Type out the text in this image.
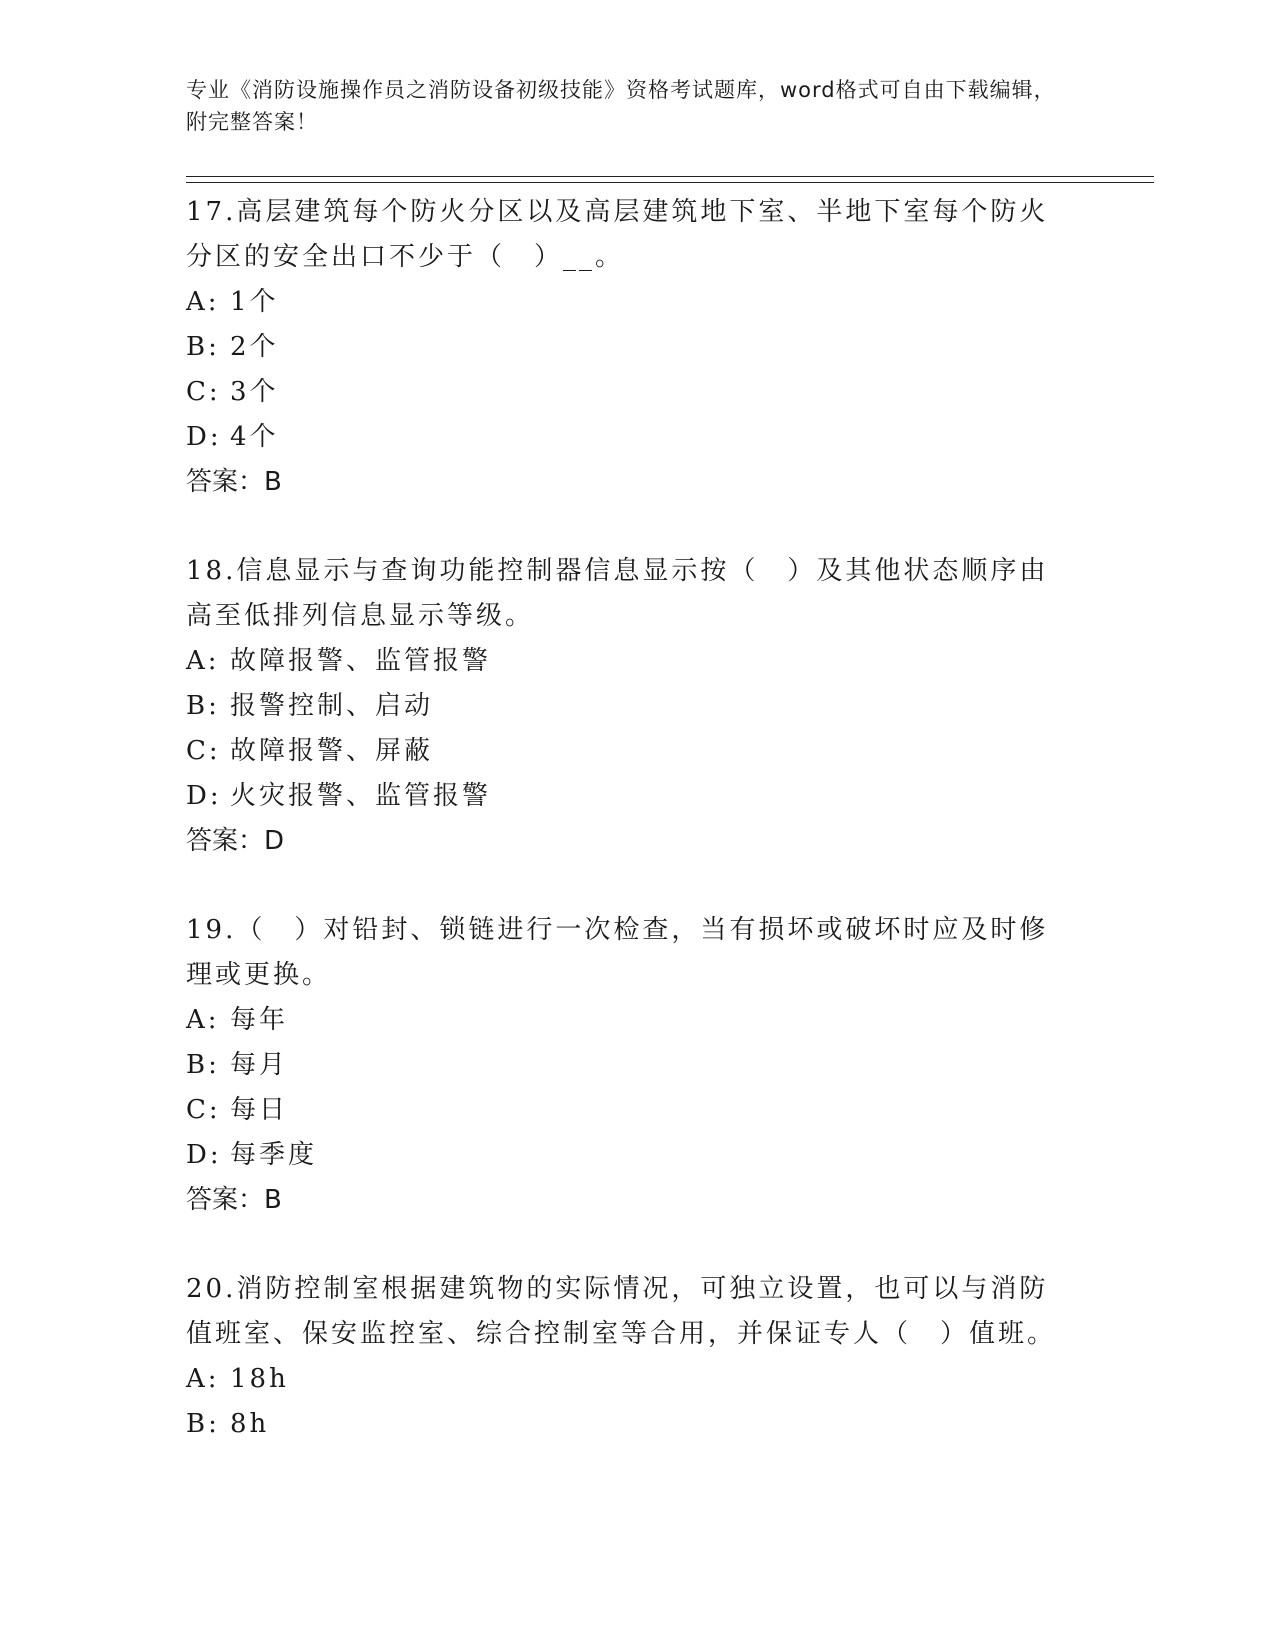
专业《消防设施操作员之消防设备初级技能》资格考试题库，word格式可自由下载编辑，附完整答案！

17.高层建筑每个防火分区以及高层建筑地下室、半地下室每个防火分区的安全出口不少于（　）__。

A: 1个

B: 2个

C: 3个

D: 4个

答案：B

18.信息显示与查询功能控制器信息显示按（　）及其他状态顺序由高至低排列信息显示等级。

A: 故障报警、监管报警

B: 报警控制、启动

C: 故障报警、屏蔽

D: 火灾报警、监管报警

答案：D

19.（　）对铅封、锁链进行一次检查，当有损坏或破坏时应及时修理或更换。

A: 每年

B: 每月

C: 每日

D: 每季度

答案：B

20.消防控制室根据建筑物的实际情况，可独立设置，也可以与消防值班室、保安监控室、综合控制室等合用，并保证专人（　）值班。

A: 18h

B: 8h
